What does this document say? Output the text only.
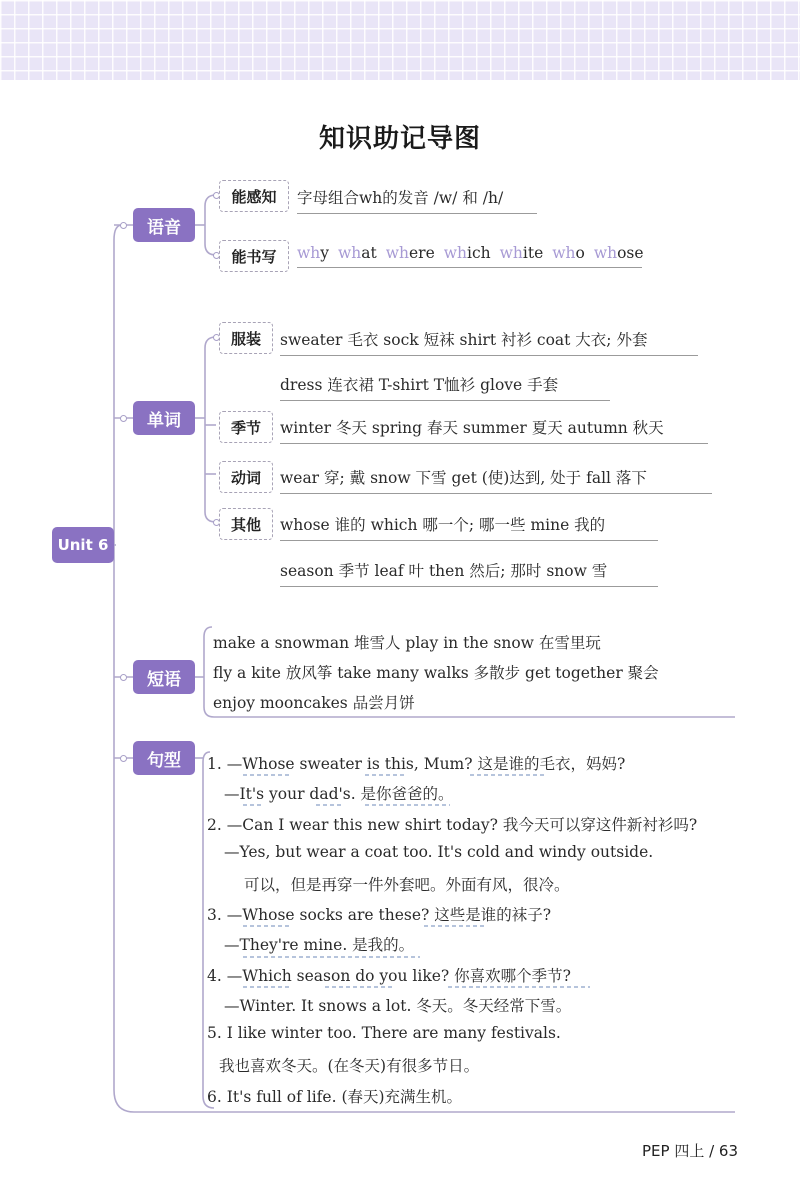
知识助记导图
Unit 6
语音
单词
短语
句型
能感知	字母组合wh的发音 /w/ 和 /h/
能书写	why what where which white who whose
服装	sweater 毛衣 sock 短袜 shirt 衬衫 coat 大衣; 外套
dress 连衣裙 T-shirt T恤衫 glove 手套
季节	winter 冬天 spring 春天 summer 夏天 autumn 秋天
动词	wear 穿; 戴 snow 下雪 get (使)达到, 处于 fall 落下
其他	whose 谁的 which 哪一个; 哪一些 mine 我的
season 季节 leaf 叶 then 然后; 那时 snow 雪
make a snowman 堆雪人 play in the snow 在雪里玩
fly a kite 放风筝 take many walks 多散步 get together 聚会
enjoy mooncakes 品尝月饼
1. —Whose sweater is this, Mum? 这是谁的毛衣，妈妈?
—It's your dad's. 是你爸爸的。
2. —Can I wear this new shirt today? 我今天可以穿这件新衬衫吗?
—Yes, but wear a coat too. It's cold and windy outside.
可以，但是再穿一件外套吧。外面有风，很冷。
3. —Whose socks are these? 这些是谁的袜子?
—They're mine. 是我的。
4. —Which season do you like? 你喜欢哪个季节?
—Winter. It snows a lot. 冬天。冬天经常下雪。
5. I like winter too. There are many festivals.
我也喜欢冬天。(在冬天)有很多节日。
6. It's full of life. (春天)充满生机。
PEP 四上 / 63
